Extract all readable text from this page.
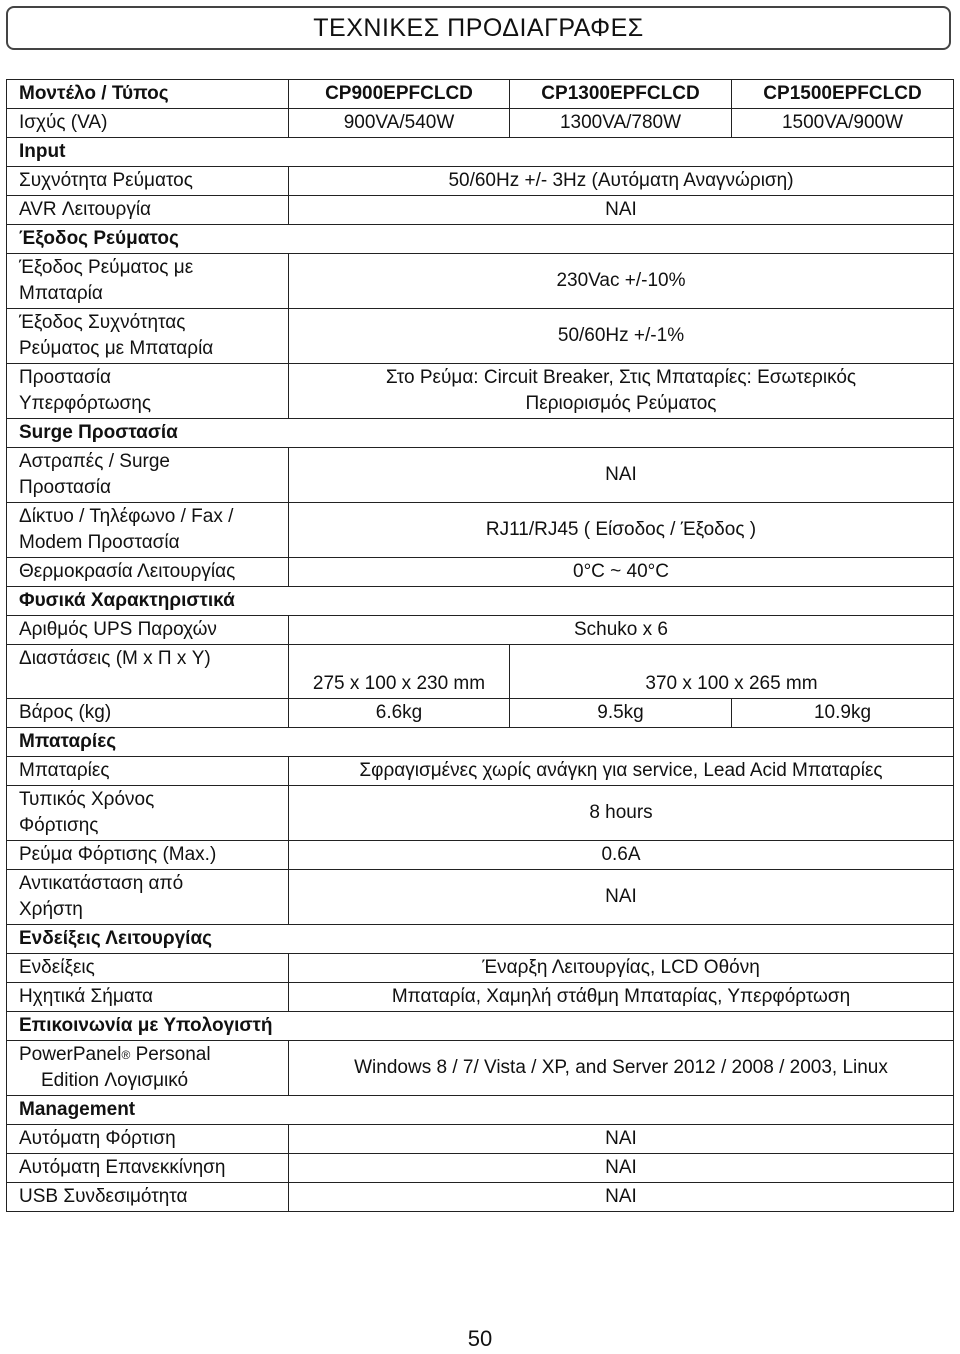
ΤΕΧΝΙΚΕΣ ΠΡΟΔΙΑΓΡΑΦΕΣ
Μοντέλο / Τύπος	CP900EPFCLCD	CP1300EPFCLCD	CP1500EPFCLCD
Ισχύς (VA)	900VA/540W	1300VA/780W	1500VA/900W
Input			
Συχνότητα Ρεύματος	50/60Hz +/- 3Hz (Αυτόματη Αναγνώριση)		
AVR Λειτουργία	ΝΑΙ		
Έξοδος Ρεύματος			
Έξοδος Ρεύματος με
Μπαταρία	230Vac +/-10%		
Έξοδος Συχνότητας
Ρεύματος με Μπαταρία	50/60Hz +/-1%		
Προστασία
Υπερφόρτωσης	Στο Ρεύμα: Circuit Breaker, Στις Μπαταρίες: Εσωτερικός
Περιορισμός Ρεύματος		
Surge Προστασία			
Αστραπές / Surge
Προστασία	ΝΑΙ		
Δίκτυο / Τηλέφωνο / Fax /
Modem Προστασία	RJ11/RJ45 ( Είσοδος / Έξοδος )		
Θερμοκρασία Λειτουργίας	0°C ~ 40°C		
Φυσικά Χαρακτηριστικά			
Αριθμός UPS Παροχών	Schuko x 6		
Διαστάσεις (Μ x Π x Υ)	275 x 100 x 230 mm	370 x 100 x 265 mm	
Βάρος (kg)	6.6kg	9.5kg	10.9kg
Μπαταρίες			
Μπαταρίες	Σφραγισμένες χωρίς ανάγκη για service, Lead Acid Μπαταρίες		
Τυπικός Χρόνος
Φόρτισης	8 hours		
Ρεύμα Φόρτισης (Max.)	0.6A		
Αντικατάσταση από
Χρήστη	ΝΑΙ		
Ενδείξεις Λειτουργίας			
Ενδείξεις	Έναρξη Λειτουργίας, LCD Οθόνη		
Ηχητικά Σήματα	Μπαταρία, Χαμηλή στάθμη Μπαταρίας, Υπερφόρτωση		
Επικοινωνία με Υπολογιστή			
PowerPanel® Personal
Edition Λογισμικό	Windows 8 / 7/ Vista / XP, and Server 2012 / 2008 / 2003, Linux		
Management			
Αυτόματη Φόρτιση	ΝΑΙ		
Αυτόματη Επανεκκίνηση	ΝΑΙ		
USB Συνδεσιμότητα	ΝΑΙ		
50
